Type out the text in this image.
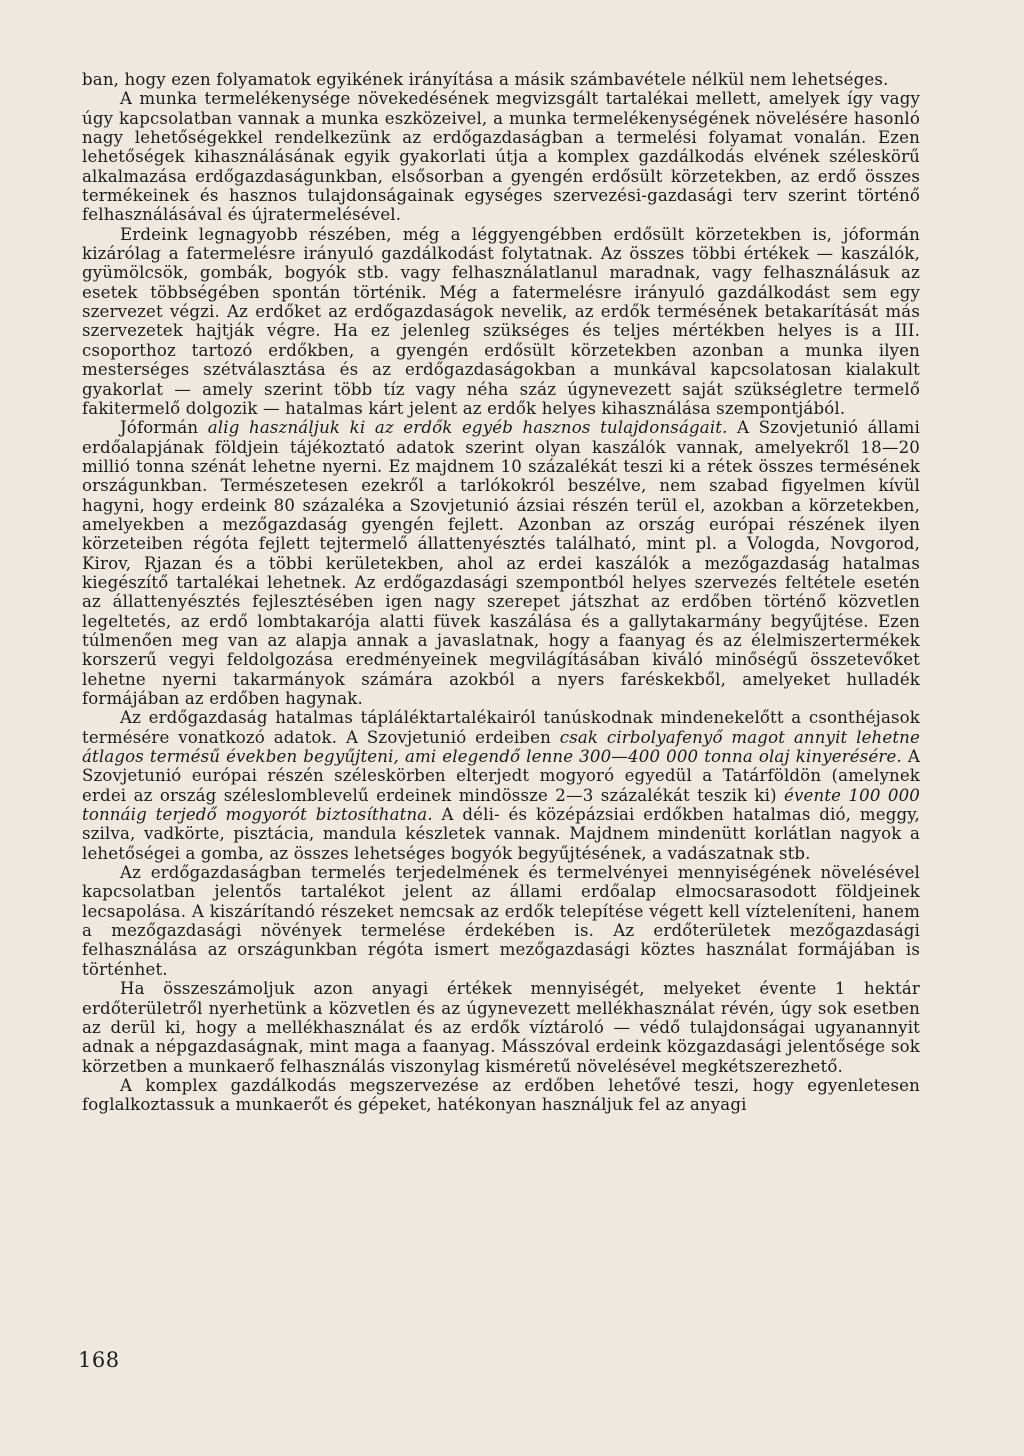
ban, hogy ezen folyamatok egyikének irányítása a másik számbavétele nélkül nem lehetséges.

A munka termelékenysége növekedésének megvizsgált tartalékai mellett, amelyek így vagy úgy kapcsolatban vannak a munka eszközeivel, a munka termelékenységének növelésére hasonló nagy lehetőségekkel rendelkezünk az erdőgazdaságban a termelési folyamat vonalán. Ezen lehetőségek kihasználásának egyik gyakorlati útja a komplex gazdálkodás elvének széleskörű alkalmazása erdőgazdaságunkban, elsősorban a gyengén erdősült körzetekben, az erdő összes termékeinek és hasznos tulajdonságainak egységes szervezési-gazdasági terv szerint történő felhasználásával és újratermelésével.

Erdeink legnagyobb részében, még a léggyengébben erdősült körzetekben is, jóformán kizárólag a fatermelésre irányuló gazdálkodást folytatnak. Az összes többi értékek — kaszálók, gyümölcsök, gombák, bogyók stb. vagy felhasználatlanul maradnak, vagy felhasználásuk az esetek többségében spontán történik. Még a fatermelésre irányuló gazdálkodást sem egy szervezet végzi. Az erdőket az erdőgazdaságok nevelik, az erdők termésének betakarítását más szervezetek hajtják végre. Ha ez jelenleg szükséges és teljes mértékben helyes is a III. csoporthoz tartozó erdőkben, a gyengén erdősült körzetekben azonban a munka ilyen mesterséges szétválasztása és az erdőgazdaságokban a munkával kapcsolatosan kialakult gyakorlat — amely szerint több tíz vagy néha száz úgynevezett saját szükségletre termelő fakitermelő dolgozik — hatalmas kárt jelent az erdők helyes kihasználása szempontjából.

Jóformán alig használjuk ki az erdők egyéb hasznos tulajdonságait. A Szovjetunió állami erdőalapjának földjein tájékoztató adatok szerint olyan kaszálók vannak, amelyekről 18—20 millió tonna szénát lehetne nyerni. Ez majdnem 10 százalékát teszi ki a rétek összes termésének országunkban. Természetesen ezekről a tarlókokról beszélve, nem szabad figyelmen kívül hagyni, hogy erdeink 80 százaléka a Szovjetunió ázsiai részén terül el, azokban a körzetekben, amelyekben a mezőgazdaság gyengén fejlett. Azonban az ország európai részének ilyen körzeteiben régóta fejlett tejtermelő állattenyésztés található, mint pl. a Vologda, Novgorod, Kirov, Rjazan és a többi kerületekben, ahol az erdei kaszálók a mezőgazdaság hatalmas kiegészítő tartalékai lehetnek. Az erdőgazdasági szempontból helyes szervezés feltétele esetén az állattenyésztés fejlesztésében igen nagy szerepet játszhat az erdőben történő közvetlen legeltetés, az erdő lombtakarója alatti füvek kaszálása és a gallytakarmány begyűjtése. Ezen túlmenően meg van az alapja annak a javaslatnak, hogy a faanyag és az élelmiszertermékek korszerű vegyi feldolgozása eredményeinek megvilágításában kiváló minőségű összetevőket lehetne nyerni takarmányok számára azokból a nyers faréskekből, amelyeket hulladék formájában az erdőben hagynak.

Az erdőgazdaság hatalmas tápláléktartalékairól tanúskodnak mindenekelőtt a csonthéjasok termésére vonatkozó adatok. A Szovjetunió erdeiben csak cirbolyafenyő magot annyit lehetne átlagos termésű években begyűjteni, ami elegendő lenne 300—400 000 tonna olaj kinyerésére. A Szovjetunió európai részén széleskörben elterjedt mogyoró egyedül a Tatárföldön (amelynek erdei az ország széleslomblevelű erdeinek mindössze 2—3 százalékát teszik ki) évente 100 000 tonnáig terjedő mogyorót biztosíthatna. A déli- és középázsiai erdőkben hatalmas dió, meggy, szilva, vadkörte, pisztácia, mandula készletek vannak. Majdnem mindenütt korlátlan nagyok a lehetőségei a gomba, az összes lehetséges bogyók begyűjtésének, a vadászatnak stb.

Az erdőgazdaságban termelés terjedelmének és termelvényei mennyiségének növelésével kapcsolatban jelentős tartalékot jelent az állami erdőalap elmocsarasodott földjeinek lecsapolása. A kiszárítandó részeket nemcsak az erdők telepítése végett kell vízteleníteni, hanem a mezőgazdasági növények termelése érdekében is. Az erdőterületek mezőgazdasági felhasználása az országunkban régóta ismert mezőgazdasági köztes használat formájában is történhet.

Ha összeszámoljuk azon anyagi értékek mennyiségét, melyeket évente 1 hektár erdőterületről nyerhetünk a közvetlen és az úgynevezett mellékhasználat révén, úgy sok esetben az derül ki, hogy a mellékhasználat és az erdők víztároló — védő tulajdonságai ugyanannyit adnak a népgazdaságnak, mint maga a faanyag. Másszóval erdeink közgazdasági jelentősége sok körzetben a munkaerő felhasználás viszonylag kisméretű növelésével megkétszerezhető.

A komplex gazdálkodás megszervezése az erdőben lehetővé teszi, hogy egyenletesen foglalkoztassuk a munkaerőt és gépeket, hatékonyan használjuk fel az anyagi

168
